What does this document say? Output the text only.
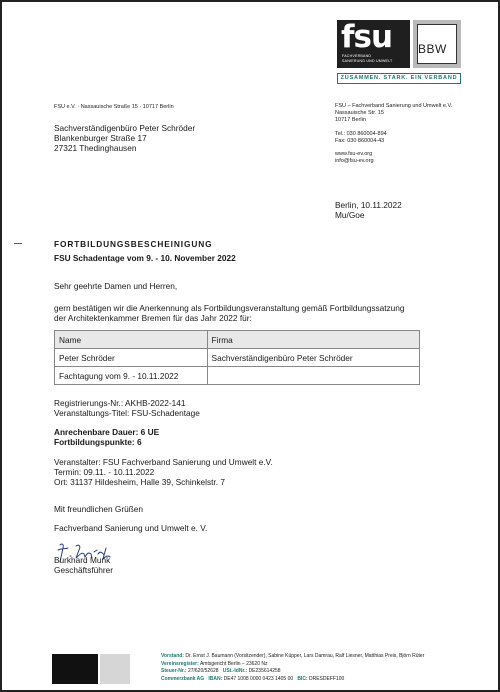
fsu
FACHVERBAND
SANIERUNG UND UMWELT
BBW
ZUSAMMEN. STARK. EIN VERBAND
FSU e.V. · Nassauische Straße 15 · 10717 Berlin
Sachverständigenbüro Peter Schröder
Blankenburger Straße 17
27321 Thedinghausen
FSU – Fachverband Sanierung und Umwelt e.V.
Nassauische Str. 15
10717 Berlin
Tel.: 030 860004-894
Fax: 030 860004-43
www.fsu-ev.org
info@fsu-ev.org
Berlin, 10.11.2022
Mu/Goe
FORTBILDUNGSBESCHEINIGUNG
FSU Schadentage vom 9. - 10. November 2022
Sehr geehrte Damen und Herren,
gern bestätigen wir die Anerkennung als Fortbildungsveranstaltung gemäß Fortbildungssatzung
der Architektenkammer Bremen für das Jahr 2022 für:
Name	Firma
Peter Schröder	Sachverständigenbüro Peter Schröder
Fachtagung vom 9. - 10.11.2022	
Registrierungs-Nr.: AKHB-2022-141
Veranstaltungs-Titel: FSU-Schadentage
Anrechenbare Dauer: 6 UE
Fortbildungspunkte: 6
Veranstalter: FSU Fachverband Sanierung und Umwelt e.V.
Termin: 09.11. - 10.11.2022
Ort: 31137 Hildesheim, Halle 39, Schinkelstr. 7
Mit freundlichen Grüßen
Fachverband Sanierung und Umwelt e. V.
Burkhard Munk
Geschäftsführer
Vorstand: Dr. Ernst J. Baumann (Vorsitzender), Sabine Küpper, Lars Damrau, Ralf Liesner, Matthias Preis, Björn Rüter
Vereinsregister: Amtsgericht Berlin – 23620 Nz
Steuer-Nr.: 27/620/52628 USt.-IdNr.: DE235614258
Commerzbank AG IBAN: DE47 1008 0000 0423 1405 00 BIC: DRESDEFF100
